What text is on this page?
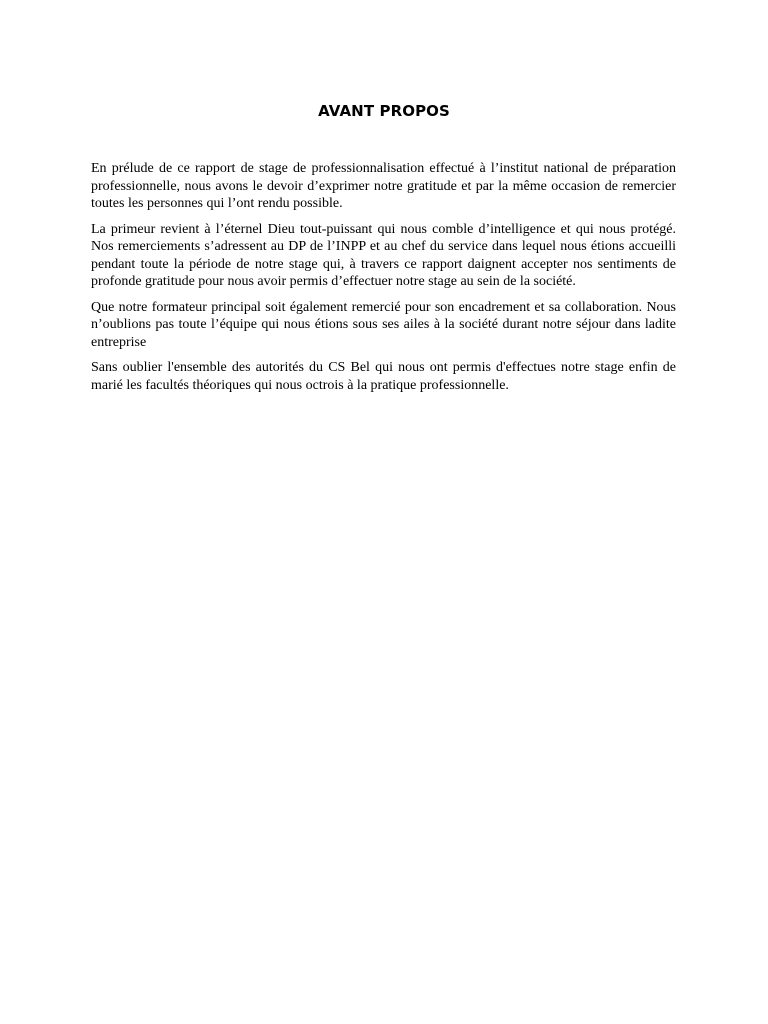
AVANT PROPOS

En prélude de ce rapport de stage de professionnalisation effectué à l’institut national de préparation professionnelle, nous avons le devoir d’exprimer notre gratitude et par la même occasion de remercier toutes les personnes qui l’ont rendu possible.

La primeur revient à l’éternel Dieu tout-puissant qui nous comble d’intelligence et qui nous protégé. Nos remerciements s’adressent au DP de l’INPP et au chef du service dans lequel nous étions accueilli pendant toute la période de notre stage qui, à travers ce rapport daignent accepter nos sentiments de profonde gratitude pour nous avoir permis d’effectuer notre stage au sein de la société.

Que notre formateur principal soit également remercié pour son encadrement et sa collaboration. Nous n’oublions pas toute l’équipe qui nous étions sous ses ailes à la société durant notre séjour dans ladite entreprise

Sans oublier l'ensemble des autorités du CS Bel qui nous ont permis d'effectues notre stage enfin de marié les facultés théoriques qui nous octrois à la pratique professionnelle.
